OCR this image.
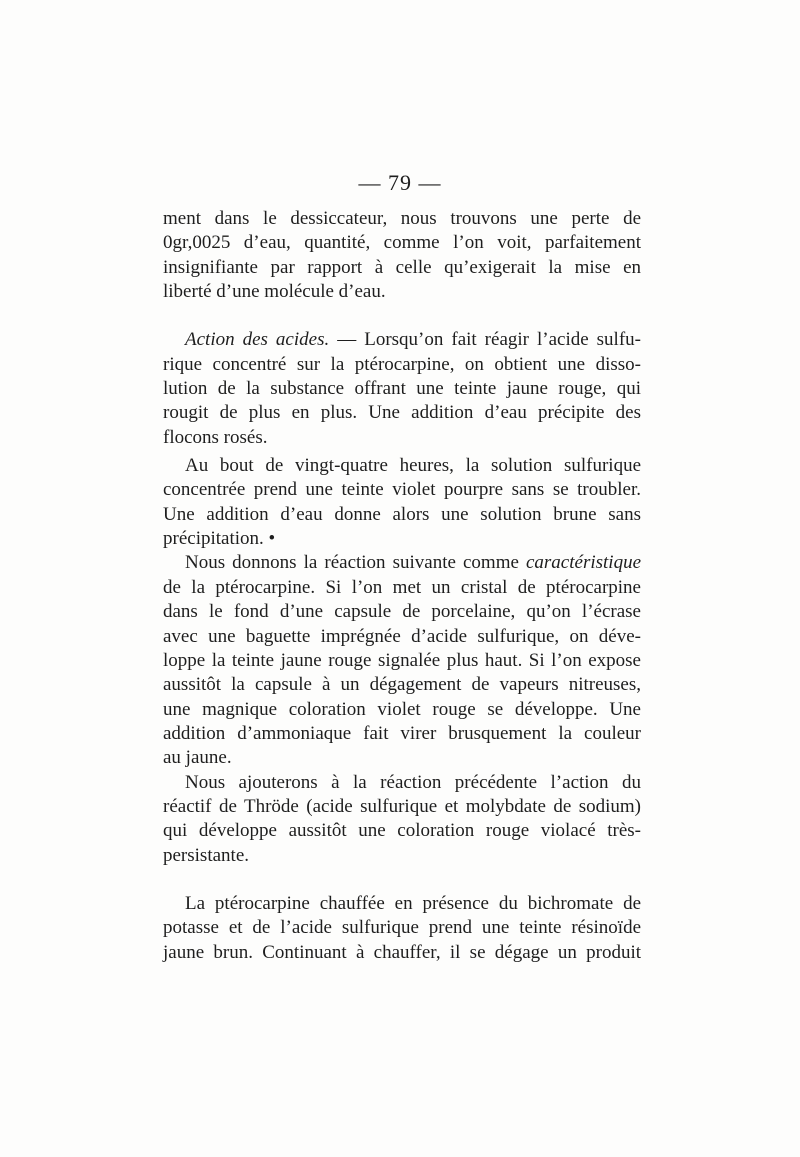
— 79 —

ment dans le dessiccateur, nous trouvons une perte de
0gr,0025 d’eau, quantité, comme l’on voit, parfaitement
insignifiante par rapport à celle qu’exigerait la mise en
liberté d’une molécule d’eau.

Action des acides. — Lorsqu’on fait réagir l’acide sulfu-
rique concentré sur la ptérocarpine, on obtient une disso-
lution de la substance offrant une teinte jaune rouge, qui
rougit de plus en plus. Une addition d’eau précipite des
flocons rosés.

Au bout de vingt-quatre heures, la solution sulfurique
concentrée prend une teinte violet pourpre sans se troubler.
Une addition d’eau donne alors une solution brune sans
précipitation. •

Nous donnons la réaction suivante comme caractéristique
de la ptérocarpine. Si l’on met un cristal de ptérocarpine
dans le fond d’une capsule de porcelaine, qu’on l’écrase
avec une baguette imprégnée d’acide sulfurique, on déve-
loppe la teinte jaune rouge signalée plus haut. Si l’on expose
aussitôt la capsule à un dégagement de vapeurs nitreuses,
une magnique coloration violet rouge se développe. Une
addition d’ammoniaque fait virer brusquement la couleur
au jaune.

Nous ajouterons à la réaction précédente l’action du
réactif de Thröde (acide sulfurique et molybdate de sodium)
qui développe aussitôt une coloration rouge violacé très-
persistante.

La ptérocarpine chauffée en présence du bichromate de
potasse et de l’acide sulfurique prend une teinte résinoïde
jaune brun. Continuant à chauffer, il se dégage un produit
